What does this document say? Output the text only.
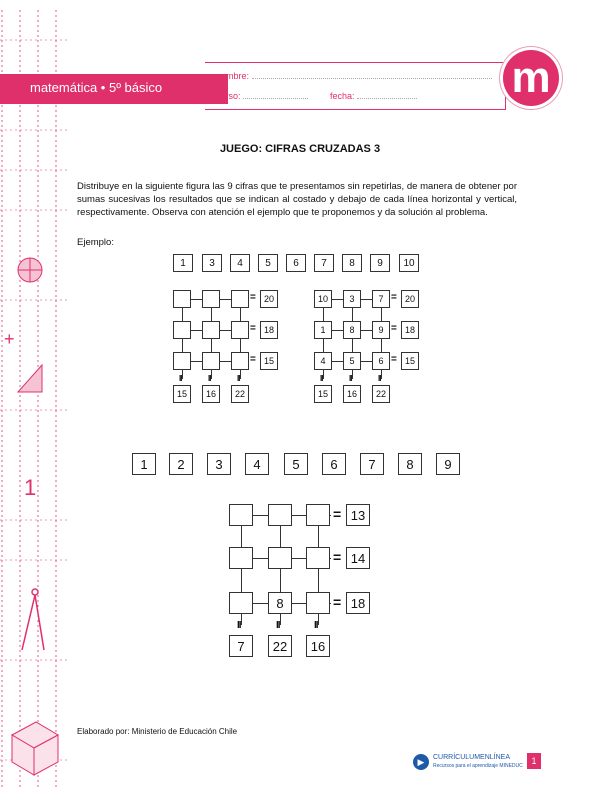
+
1
matemática • 5º básico
nombre:
curso:	fecha:	m
JUEGO: CIFRAS CRUZADAS 3
Distribuye en la siguiente figura las 9 cifras que te presentamos sin repetirlas, de manera de obtener por sumas sucesivas los resultados que se indican al costado y debajo de cada línea horizontal y vertical, respectivamente. Observa con atención el ejemplo que te proponemos y da solución al problema.
Ejemplo:
1	3	4	5	6	7	8	9	10
= 20
= 18
= 15
II	II	II
15	16	22
10	3	7
1	8	9
4	5	6
= 20
= 18
= 15
II	II	II
15	16	22
1	2	3	4	5	6	7	8	9
8
= 13
= 14
= 18
II	II	II
7	22	16
Elaborado por: Ministerio de Educación Chile
▶	CURRÍCULUMENLÍNEA
Recursos para el aprendizaje MINEDUC 1
